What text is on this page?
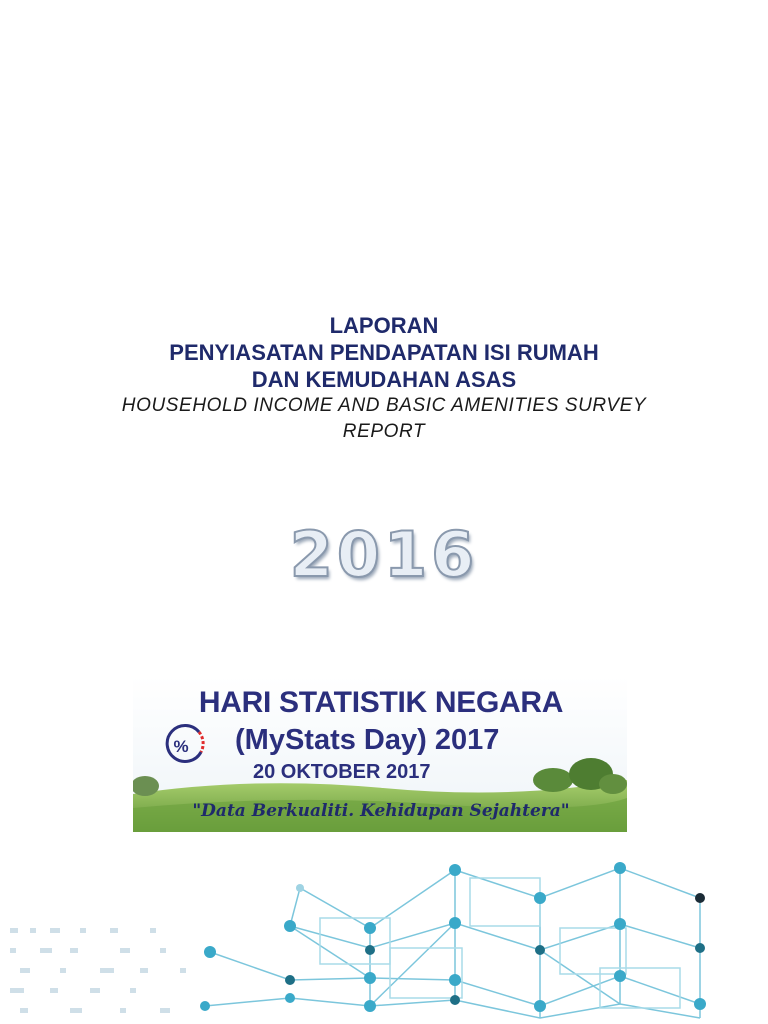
LAPORAN
PENYIASATAN PENDAPATAN ISI RUMAH
DAN KEMUDAHAN ASAS
HOUSEHOLD INCOME AND BASIC AMENITIES SURVEY
REPORT
2016
%
HARI STATISTIK NEGARA
(MyStats Day) 2017
20 OKTOBER 2017
"Data Berkualiti. Kehidupan Sejahtera"
